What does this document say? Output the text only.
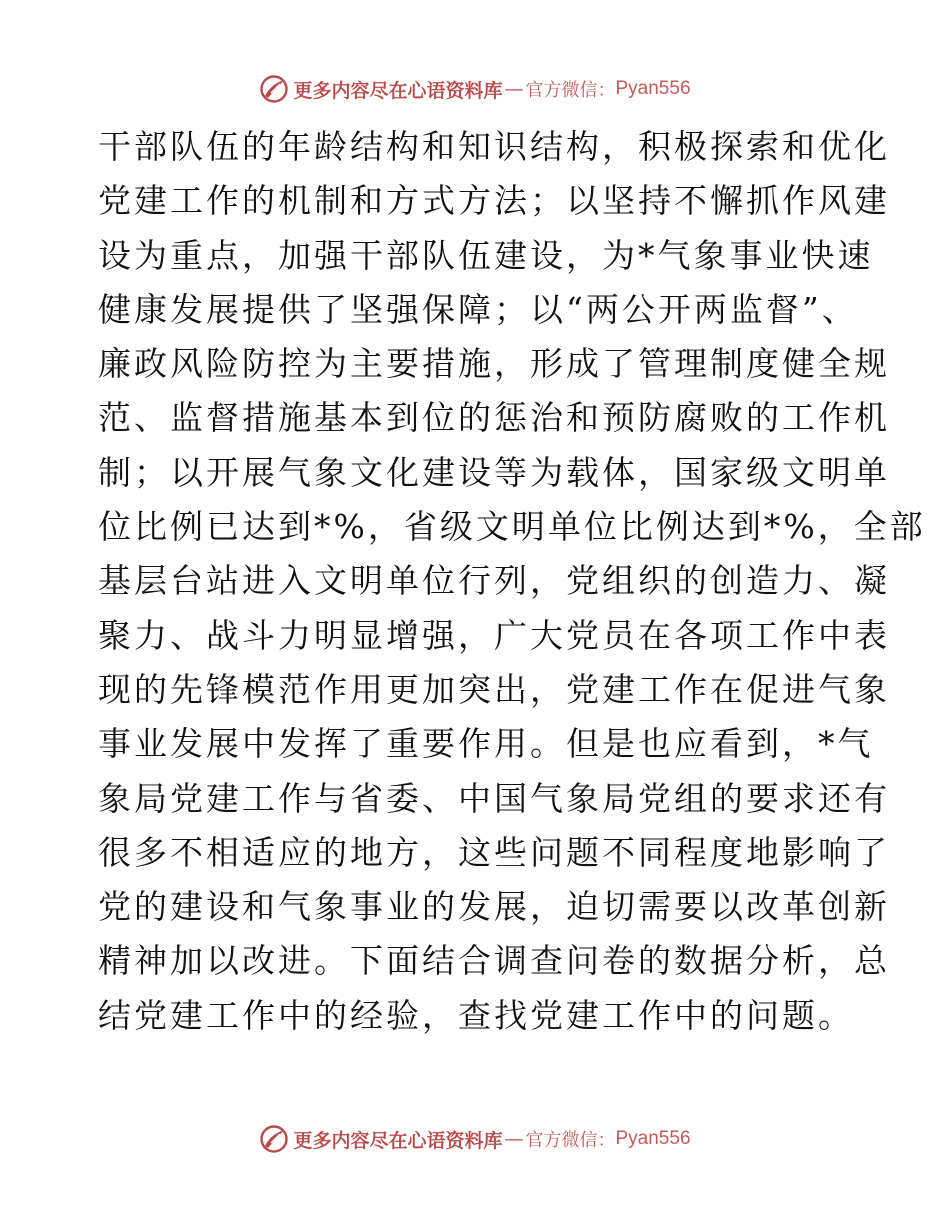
更多内容尽在心语资料库 — 官方微信： Pyan556
干部队伍的年龄结构和知识结构，积极探索和优化
党建工作的机制和方式方法；以坚持不懈抓作风建
设为重点，加强干部队伍建设，为*气象事业快速
健康发展提供了坚强保障；以“两公开两监督”、
廉政风险防控为主要措施，形成了管理制度健全规
范、监督措施基本到位的惩治和预防腐败的工作机
制；以开展气象文化建设等为载体，国家级文明单
位比例已达到*%，省级文明单位比例达到*%，全部
基层台站进入文明单位行列，党组织的创造力、凝
聚力、战斗力明显增强，广大党员在各项工作中表
现的先锋模范作用更加突出，党建工作在促进气象
事业发展中发挥了重要作用。但是也应看到，*气
象局党建工作与省委、中国气象局党组的要求还有
很多不相适应的地方，这些问题不同程度地影响了
党的建设和气象事业的发展，迫切需要以改革创新
精神加以改进。下面结合调查问卷的数据分析，总
结党建工作中的经验，查找党建工作中的问题。
更多内容尽在心语资料库 — 官方微信： Pyan556
